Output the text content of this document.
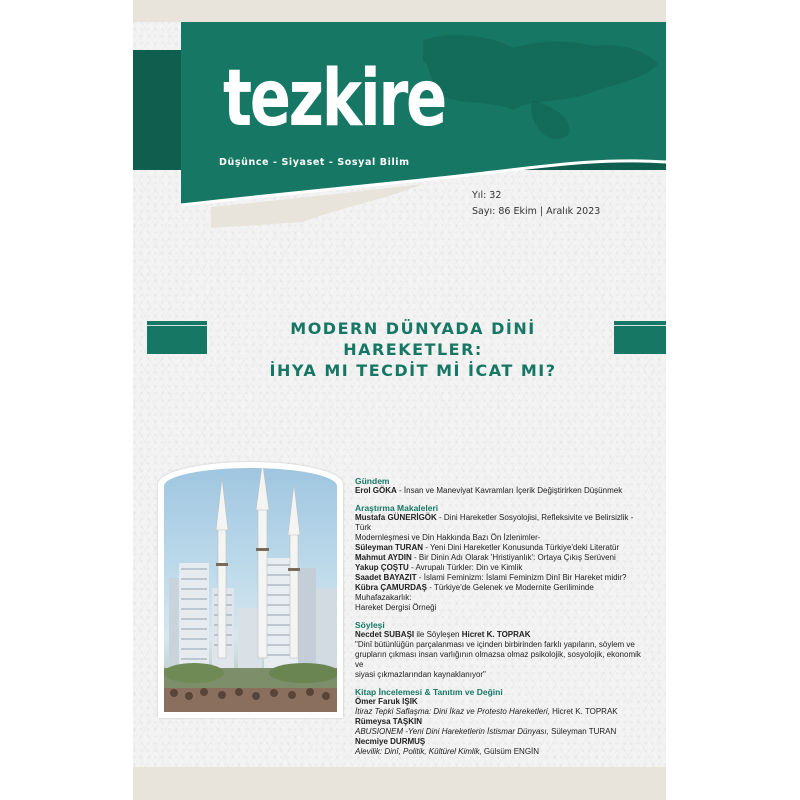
tezkire
Düşünce - Siyaset - Sosyal Bilim
Yıl: 32
Sayı: 86 Ekim | Aralık 2023
MODERN DÜNYADA DİNİ HAREKETLER:
İHYA MI TECDİT Mİ İCAT MI?
Gündem
Erol GÖKA - İnsan ve Maneviyat Kavramları İçerik Değiştirirken Düşünmek
Araştırma Makaleleri
Mustafa GÜNERİGÖK - Dini Hareketler Sosyolojisi, Refleksivite ve Belirsizlik -Türk
Modernleşmesi ve Din Hakkında Bazı Ön İzlenimler-
Süleyman TURAN - Yeni Dini Hareketler Konusunda Türkiye'deki Literatür
Mahmut AYDIN - Bir Dinin Adı Olarak 'Hristiyanlık': Ortaya Çıkış Serüveni
Yakup ÇOŞTU - Avrupalı Türkler: Din ve Kimlik
Saadet BAYAZIT - İslami Feminizm: İslami Feminizm Dinî Bir Hareket midir?
Kübra ÇAMURDAŞ - Türkiye'de Gelenek ve Modernite Geriliminde Muhafazakarlık:
Hareket Dergisi Örneği
Söyleşi
Necdet SUBAŞI ile Söyleşen Hicret K. TOPRAK
"Dinî bütünlüğün parçalanması ve içinden birbirinden farklı yapıların, söylem ve
grupların çıkması insan varlığının olmazsa olmaz psikolojik, sosyolojik, ekonomik ve
siyasi çıkmazlarından kaynaklanıyor"
Kitap İncelemesi & Tanıtım ve Değini
Ömer Faruk IŞIK
İtiraz Tepki Saflaşma: Dini İkaz ve Protesto Hareketleri, Hicret K. TOPRAK
Rümeysa TAŞKIN
ABUSIONEM -Yeni Dini Hareketlerin İstismar Dünyası, Süleyman TURAN
Necmiye DURMUŞ
Alevilik: Dinî, Politik, Kültürel Kimlik, Gülsüm ENGİN
